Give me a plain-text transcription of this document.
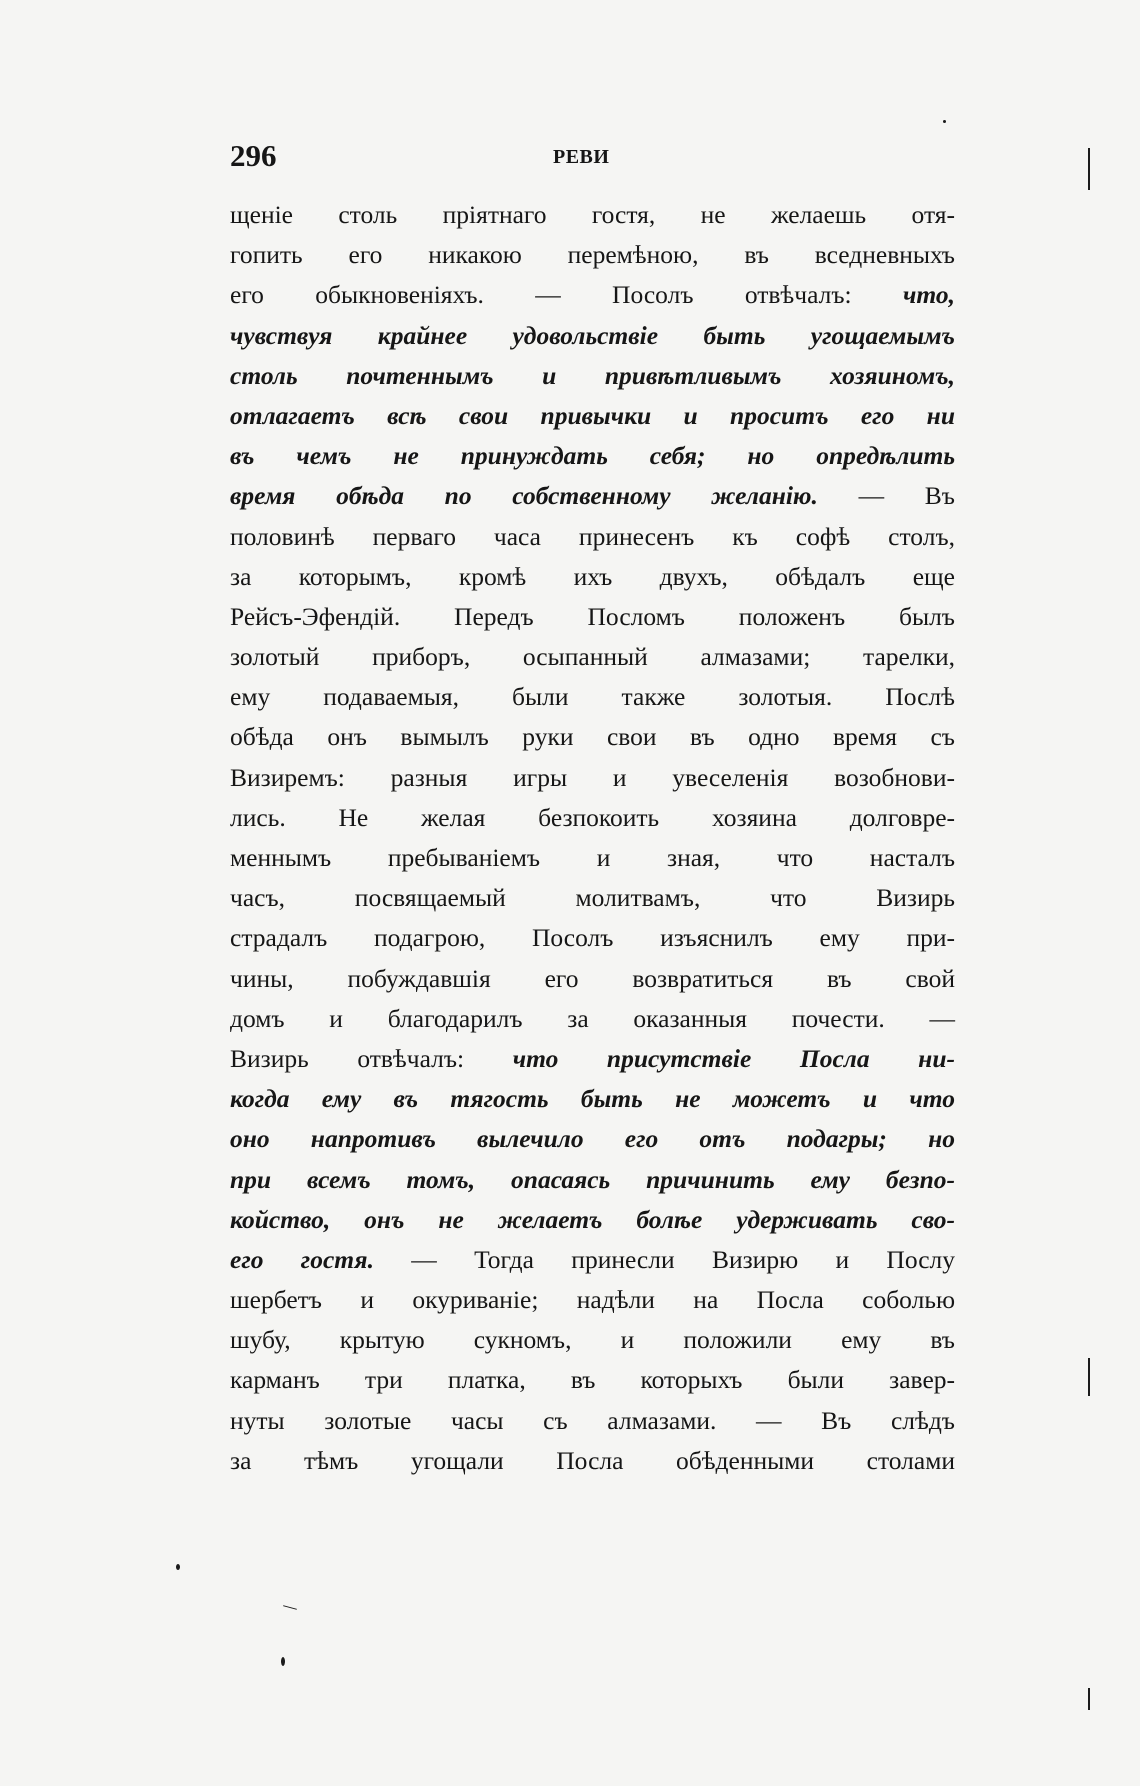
296	РЕВИ
щеніе столь пріятнаго гостя, не желаешь отя-
гопить его никакою перемѣною, въ вседневныхъ
его обыкновеніяхъ. — Посолъ отвѣчалъ: что,
чувствуя крайнее удовольствіе быть угощаемымъ
столь почтеннымъ и привѣтливымъ хозяиномъ,
отлагаетъ всѣ свои привычки и проситъ его ни
въ чемъ не принуждать себя; но опредѣлить
время обѣда по собственному желанію. — Въ
половинѣ перваго часа принесенъ къ софѣ столъ,
за которымъ, кромѣ ихъ двухъ, обѣдалъ еще
Рейсъ-Эфендій. Передъ Посломъ положенъ былъ
золотый приборъ, осыпанный алмазами; тарелки,
ему подаваемыя, были также золотыя. Послѣ
обѣда онъ вымылъ руки свои въ одно время съ
Визиремъ: разныя игры и увеселенія возобнови-
лись. Не желая безпокоить хозяина долговре-
меннымъ пребываніемъ и зная, что насталъ
часъ, посвящаемый молитвамъ, что Визирь
страдалъ подагрою, Посолъ изъяснилъ ему при-
чины, побуждавшія его возвратиться въ свой
домъ и благодарилъ за оказанныя почести. —
Визирь отвѣчалъ: что присутствіе Посла ни-
когда ему въ тягость быть не можетъ и что
оно напротивъ вылечило его отъ подагры; но
при всемъ томъ, опасаясь причинить ему безпо-
койство, онъ не желаетъ болѣе удерживать сво-
его гостя. — Тогда принесли Визирю и Послу
шербетъ и окуриваніе; надѣли на Посла соболью
шубу, крытую сукномъ, и положили ему въ
карманъ три платка, въ которыхъ были завер-
нуты золотые часы съ алмазами. — Въ слѣдъ
за тѣмъ угощали Посла обѣденными столами
